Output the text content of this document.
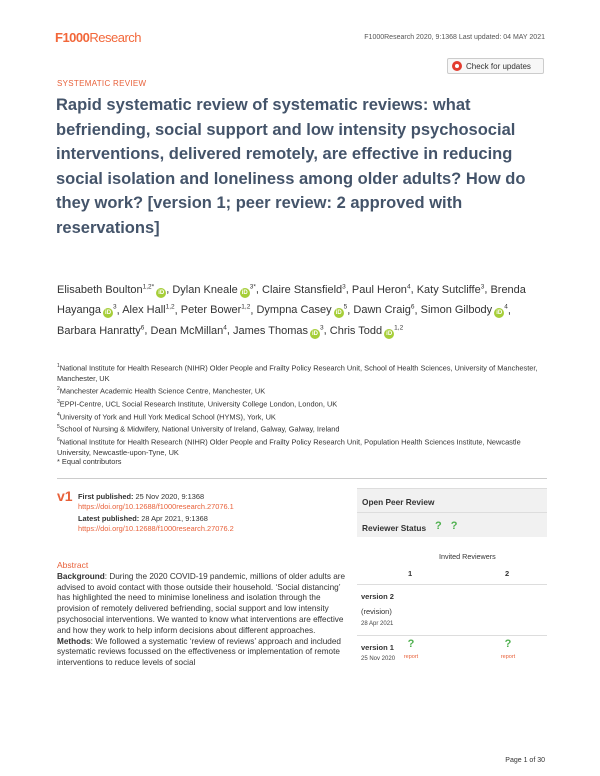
F1000Research	F1000Research 2020, 9:1368 Last updated: 04 MAY 2021
SYSTEMATIC REVIEW
Check for updates
Rapid systematic review of systematic reviews: what befriending, social support and low intensity psychosocial interventions, delivered remotely, are effective in reducing social isolation and loneliness among older adults? How do they work? [version 1; peer review: 2 approved with reservations]
Elisabeth Boulton$^{1,2*}$iD , Dylan Kneale $iD^{3*}$, Claire Stansfield$^3$, Paul Heron$^4$, Katy Sutcliffe$^3$, Brenda Hayanga $iD^3$, Alex Hall$^{1,2}$, Peter Bower$^{1,2}$, Dympna Casey $iD^5$, Dawn Craig$^6$, Simon Gilbody $iD^4$, Barbara Hanratty$^6$, Dean McMillan$^4$, James Thomas $iD^3$, Chris Todd iD$^{1,2}$
$^1$National Institute for Health Research (NIHR) Older People and Frailty Policy Research Unit, School of Health Sciences, University of Manchester, Manchester, UK
$^2$Manchester Academic Health Science Centre, Manchester, UK
$^3$EPPI-Centre, UCL Social Research Institute, University College London, London, UK
$^4$University of York and Hull York Medical School (HYMS), York, UK
$^5$School of Nursing & Midwifery, National University of Ireland, Galway, Galway, Ireland
$^6$National Institute for Health Research (NIHR) Older People and Frailty Policy Research Unit, Population Health Sciences Institute, Newcastle University, Newcastle-upon-Tyne, UK
* Equal contributors
v1 First published: 25 Nov 2020, 9:1368
https://doi.org/10.12688/f1000research.27076.1
Latest published: 28 Apr 2021, 9:1368
https://doi.org/10.12688/f1000research.27076.2
Abstract
Background: During the 2020 COVID-19 pandemic, millions of older adults are advised to avoid contact with those outside their household. ‘Social distancing’ has highlighted the need to minimise loneliness and isolation through the provision of remotely delivered befriending, social support and low intensity psychosocial interventions. We wanted to know what interventions are effective and how they work to help inform decisions about different approaches.
Methods: We followed a systematic ‘review of reviews’ approach and included systematic reviews focussed on the effectiveness or implementation of remote interventions to reduce levels of social
Open Peer Review
Reviewer Status ? ?
Invited Reviewers
1	2
version 2
(revision)
28 Apr 2021
version 1
25 Nov 2020
?
report
?
report
Page 1 of 30
